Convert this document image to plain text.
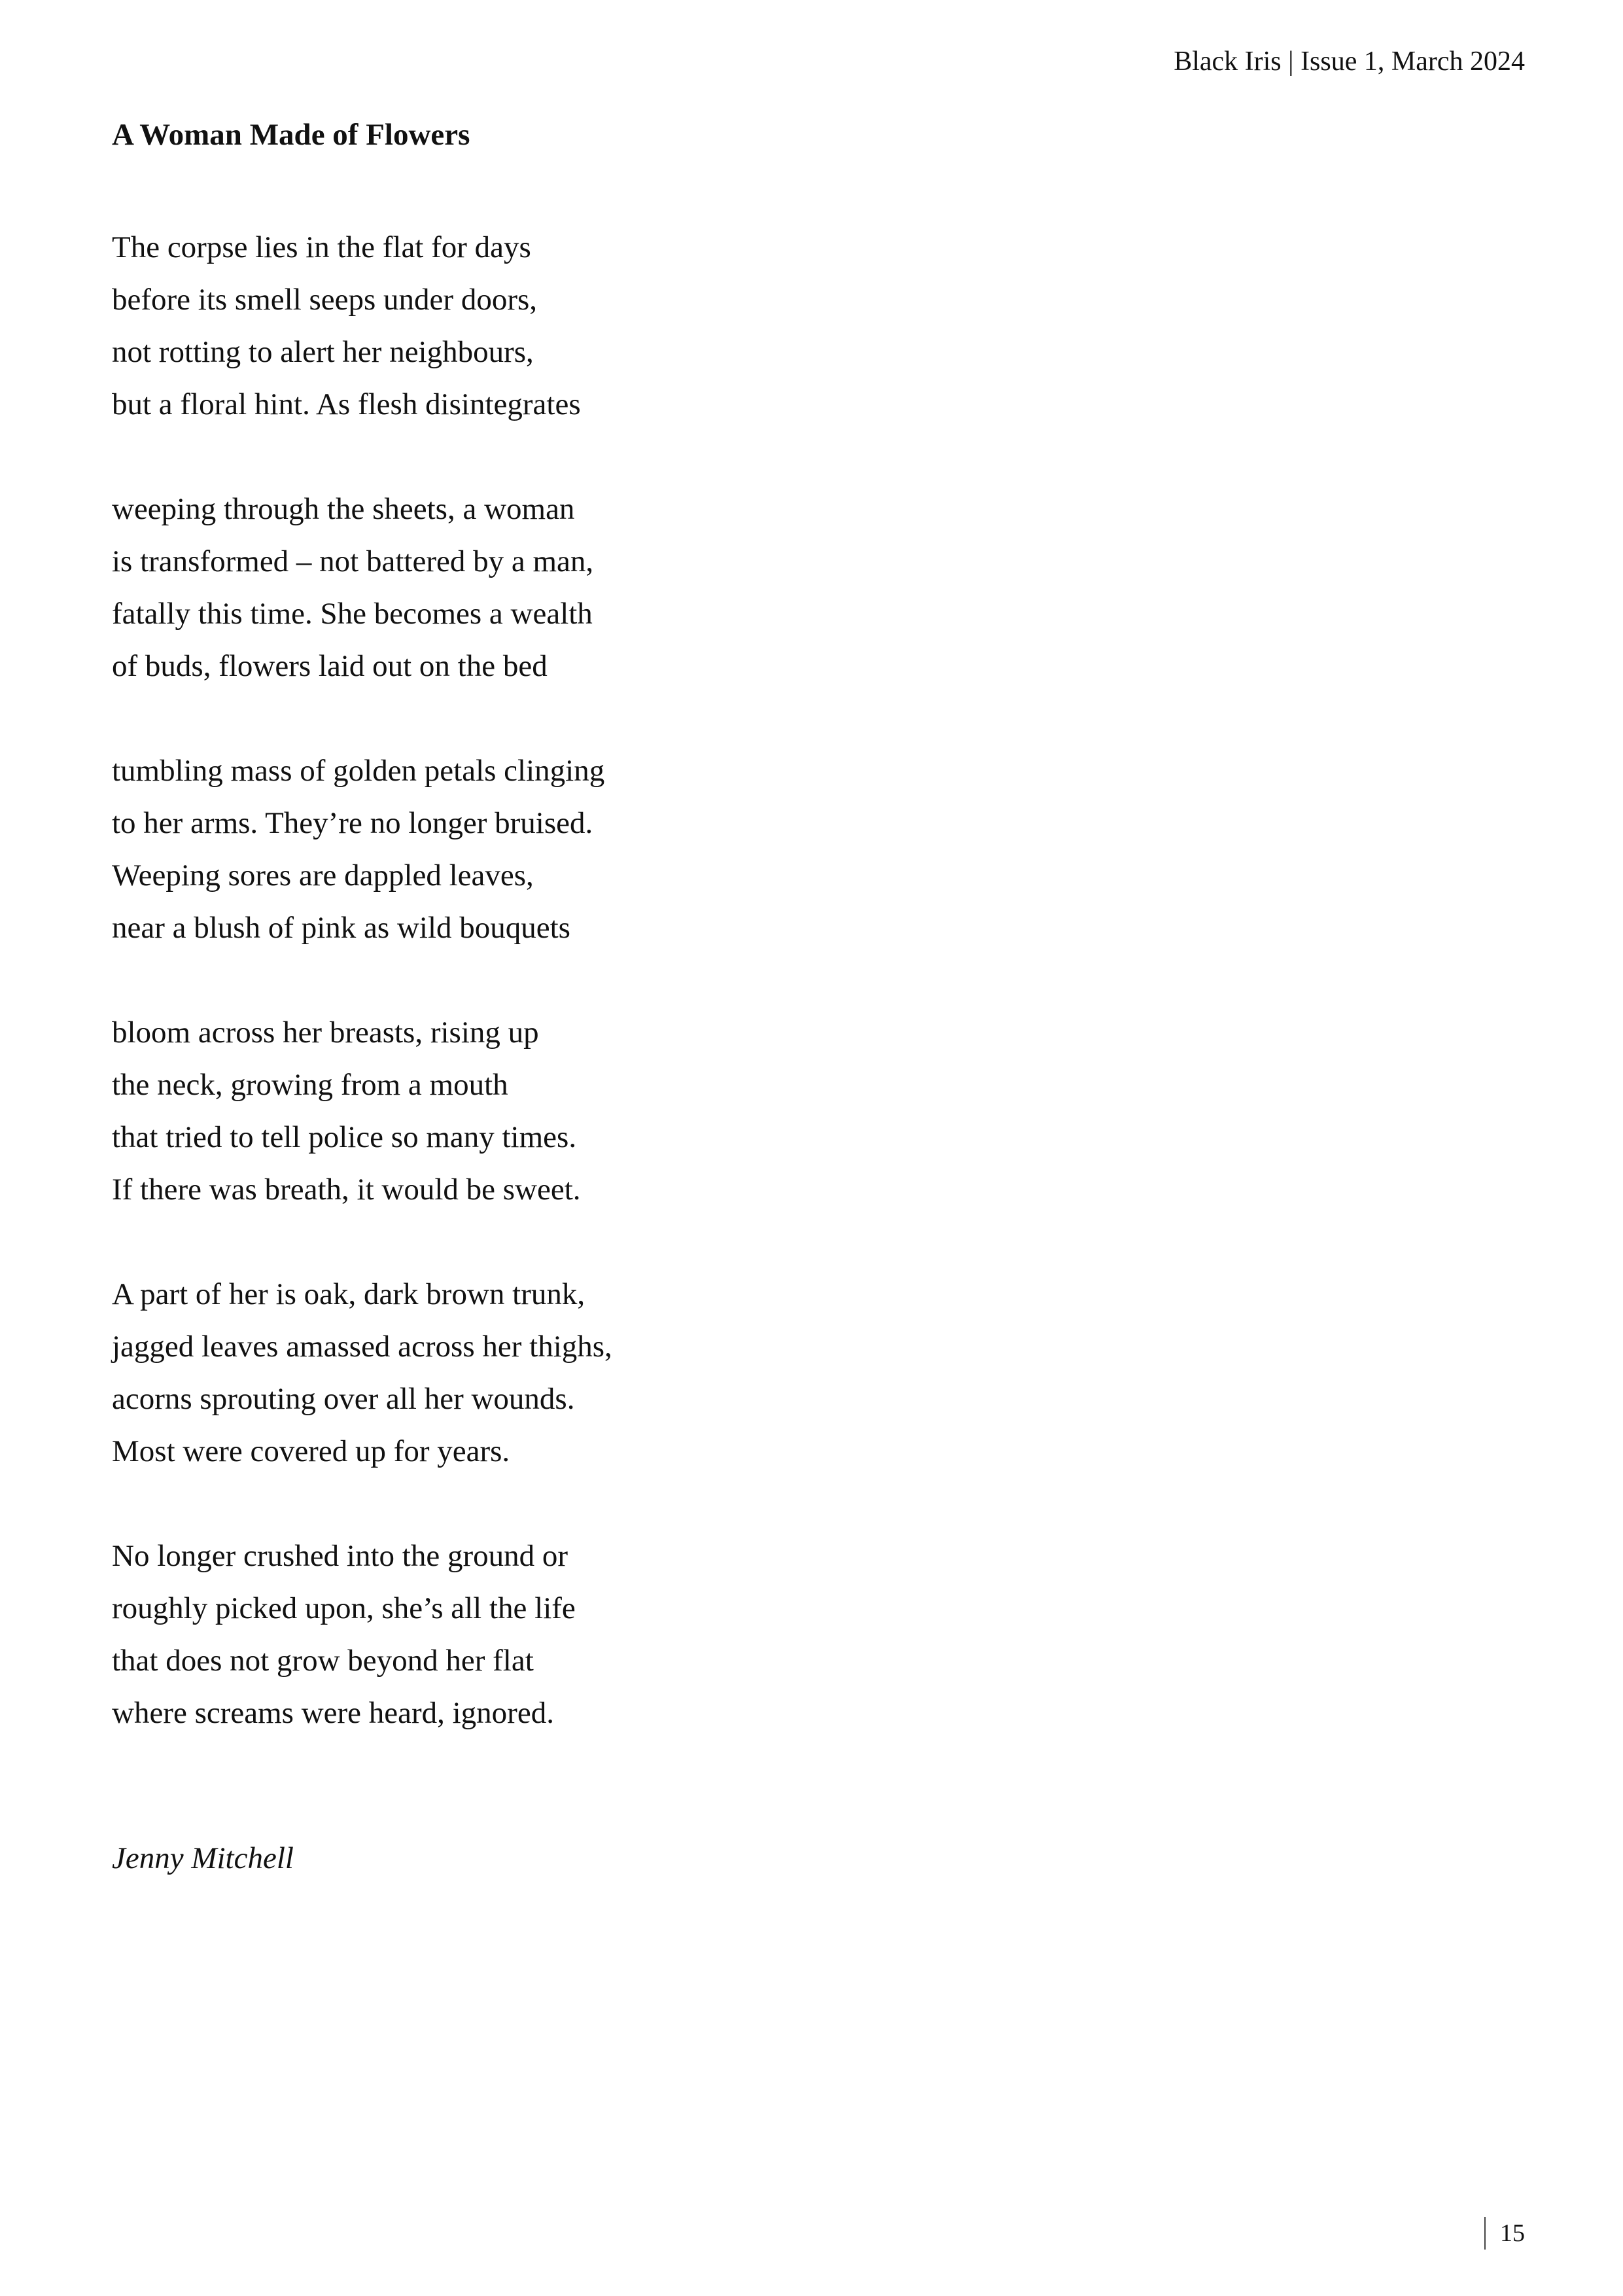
Black Iris | Issue 1, March 2024
A Woman Made of Flowers
The corpse lies in the flat for days
before its smell seeps under doors,
not rotting to alert her neighbours,
but a floral hint. As flesh disintegrates
weeping through the sheets, a woman
is transformed – not battered by a man,
fatally this time. She becomes a wealth
of buds, flowers laid out on the bed
tumbling mass of golden petals clinging
to her arms. They’re no longer bruised.
Weeping sores are dappled leaves,
near a blush of pink as wild bouquets
bloom across her breasts, rising up
the neck, growing from a mouth
that tried to tell police so many times.
If there was breath, it would be sweet.
A part of her is oak, dark brown trunk,
jagged leaves amassed across her thighs,
acorns sprouting over all her wounds.
Most were covered up for years.
No longer crushed into the ground or
roughly picked upon, she’s all the life
that does not grow beyond her flat
where screams were heard, ignored.
Jenny Mitchell
15
